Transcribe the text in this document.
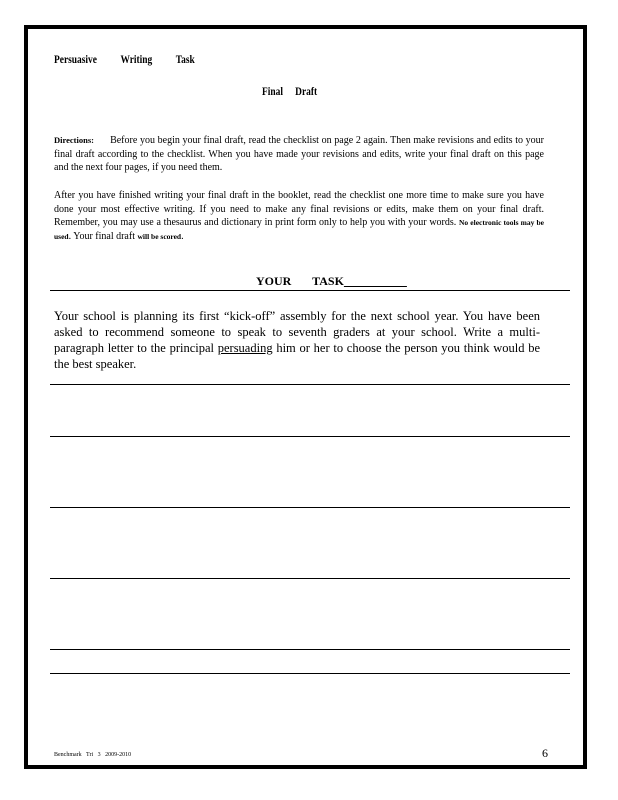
Persuasive Writing Task

Final Draft

Directions: Before you begin your final draft, read the checklist on page 2 again. Then make revisions and edits to your final draft according to the checklist. When you have made your revisions and edits, write your final draft on this page and the next four pages, if you need them.

After you have finished writing your final draft in the booklet, read the checklist one more time to make sure you have done your most effective writing. If you need to make any final revisions or edits, make them on your final draft. Remember, you may use a thesaurus and dictionary in print form only to help you with your words. No electronic tools may be used. Your final draft will be scored.

YOUR TASK

Your school is planning its first “kick-off” assembly for the next school year. You have been asked to recommend someone to speak to seventh graders at your school. Write a multi-paragraph letter to the principal persuading him or her to choose the person you think would be the best speaker.

Benchmark Tri 3 2009-2010	6
